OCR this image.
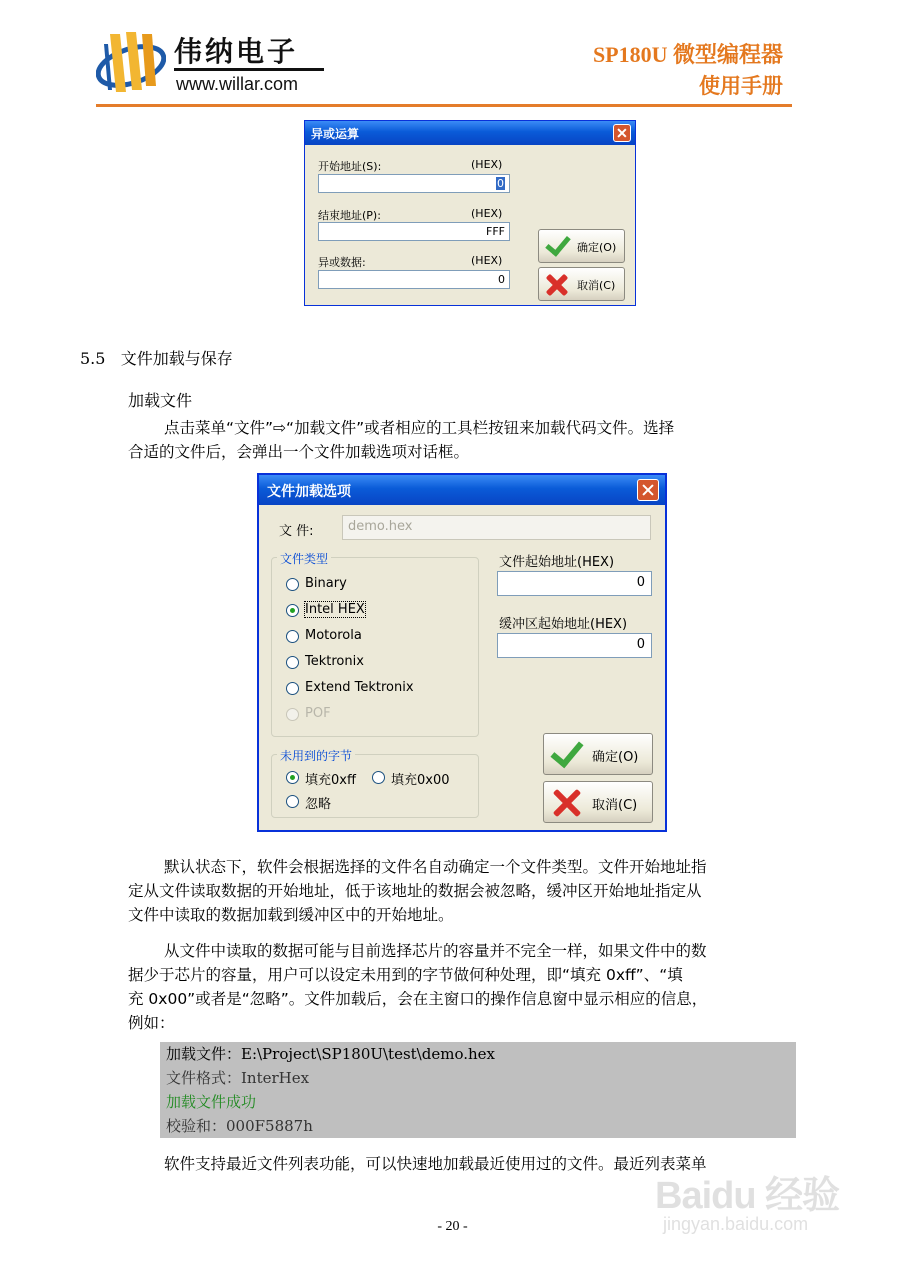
伟纳电子
www.willar.com
SP180U 微型编程器
使用手册
异或运算
开始地址(S):	(HEX)
0
结束地址(P):	(HEX)
FFF
异或数据:	(HEX)
0
确定(O)
取消(C)
5.5 文件加载与保存
加载文件
点击菜单“文件”⇨“加载文件”或者相应的工具栏按钮来加载代码文件。选择
合适的文件后，会弹出一个文件加载选项对话框。
文件加载选项
文 件:	demo.hex
文件类型
Binary
Intel HEX
Motorola
Tektronix
Extend Tektronix
POF
文件起始地址(HEX)
0
缓冲区起始地址(HEX)
0
未用到的字节
填充0xff	填充0x00
忽略
确定(O)
取消(C)
默认状态下，软件会根据选择的文件名自动确定一个文件类型。文件开始地址指
定从文件读取数据的开始地址，低于该地址的数据会被忽略，缓冲区开始地址指定从
文件中读取的数据加载到缓冲区中的开始地址。
从文件中读取的数据可能与目前选择芯片的容量并不完全一样，如果文件中的数
据少于芯片的容量，用户可以设定未用到的字节做何种处理，即“填充 0xff”、“填
充 0x00”或者是“忽略”。文件加载后，会在主窗口的操作信息窗中显示相应的信息，
例如：
加载文件：E:\Project\SP180U\test\demo.hex
文件格式：InterHex
加载文件成功
校验和：000F5887h
软件支持最近文件列表功能，可以快速地加载最近使用过的文件。最近列表菜单
- 20 -
Baidu 经验
jingyan.baidu.com
